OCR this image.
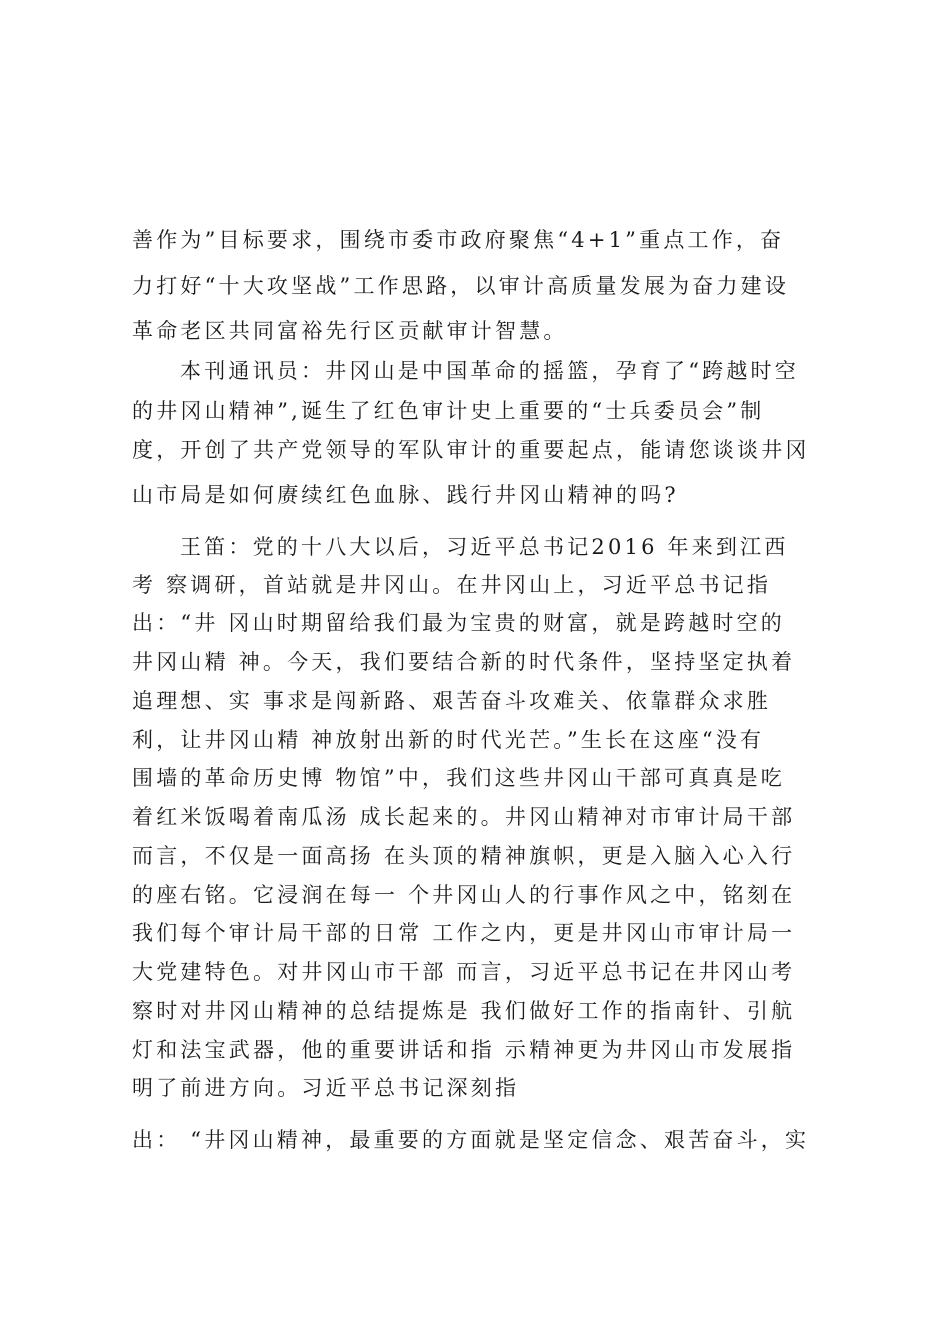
善作为”目标要求，围绕市委市政府聚焦“4+1”重点工作，奋
力打好“十大攻坚战”工作思路，以审计高质量发展为奋力建设
革命老区共同富裕先行区贡献审计智慧。
本刊通讯员：井冈山是中国革命的摇篮，孕育了“跨越时空
的井冈山精神”,诞生了红色审计史上重要的“士兵委员会”制
度，开创了共产党领导的军队审计的重要起点，能请您谈谈井冈
山市局是如何赓续红色血脉、践行井冈山精神的吗?
王笛：党的十八大以后，习近平总书记2016 年来到江西
考 察调研，首站就是井冈山。在井冈山上，习近平总书记指
出：“井 冈山时期留给我们最为宝贵的财富，就是跨越时空的
井冈山精 神。今天，我们要结合新的时代条件，坚持坚定执着
追理想、实 事求是闯新路、艰苦奋斗攻难关、依靠群众求胜
利，让井冈山精 神放射出新的时代光芒。”生长在这座“没有
围墙的革命历史博 物馆”中，我们这些井冈山干部可真真是吃
着红米饭喝着南瓜汤 成长起来的。井冈山精神对市审计局干部
而言，不仅是一面高扬 在头顶的精神旗帜，更是入脑入心入行
的座右铭。它浸润在每一 个井冈山人的行事作风之中，铭刻在
我们每个审计局干部的日常 工作之内，更是井冈山市审计局一
大党建特色。对井冈山市干部 而言，习近平总书记在井冈山考
察时对井冈山精神的总结提炼是 我们做好工作的指南针、引航
灯和法宝武器，他的重要讲话和指 示精神更为井冈山市发展指
明了前进方向。习近平总书记深刻指
出： “井冈山精神，最重要的方面就是坚定信念、艰苦奋斗，实
